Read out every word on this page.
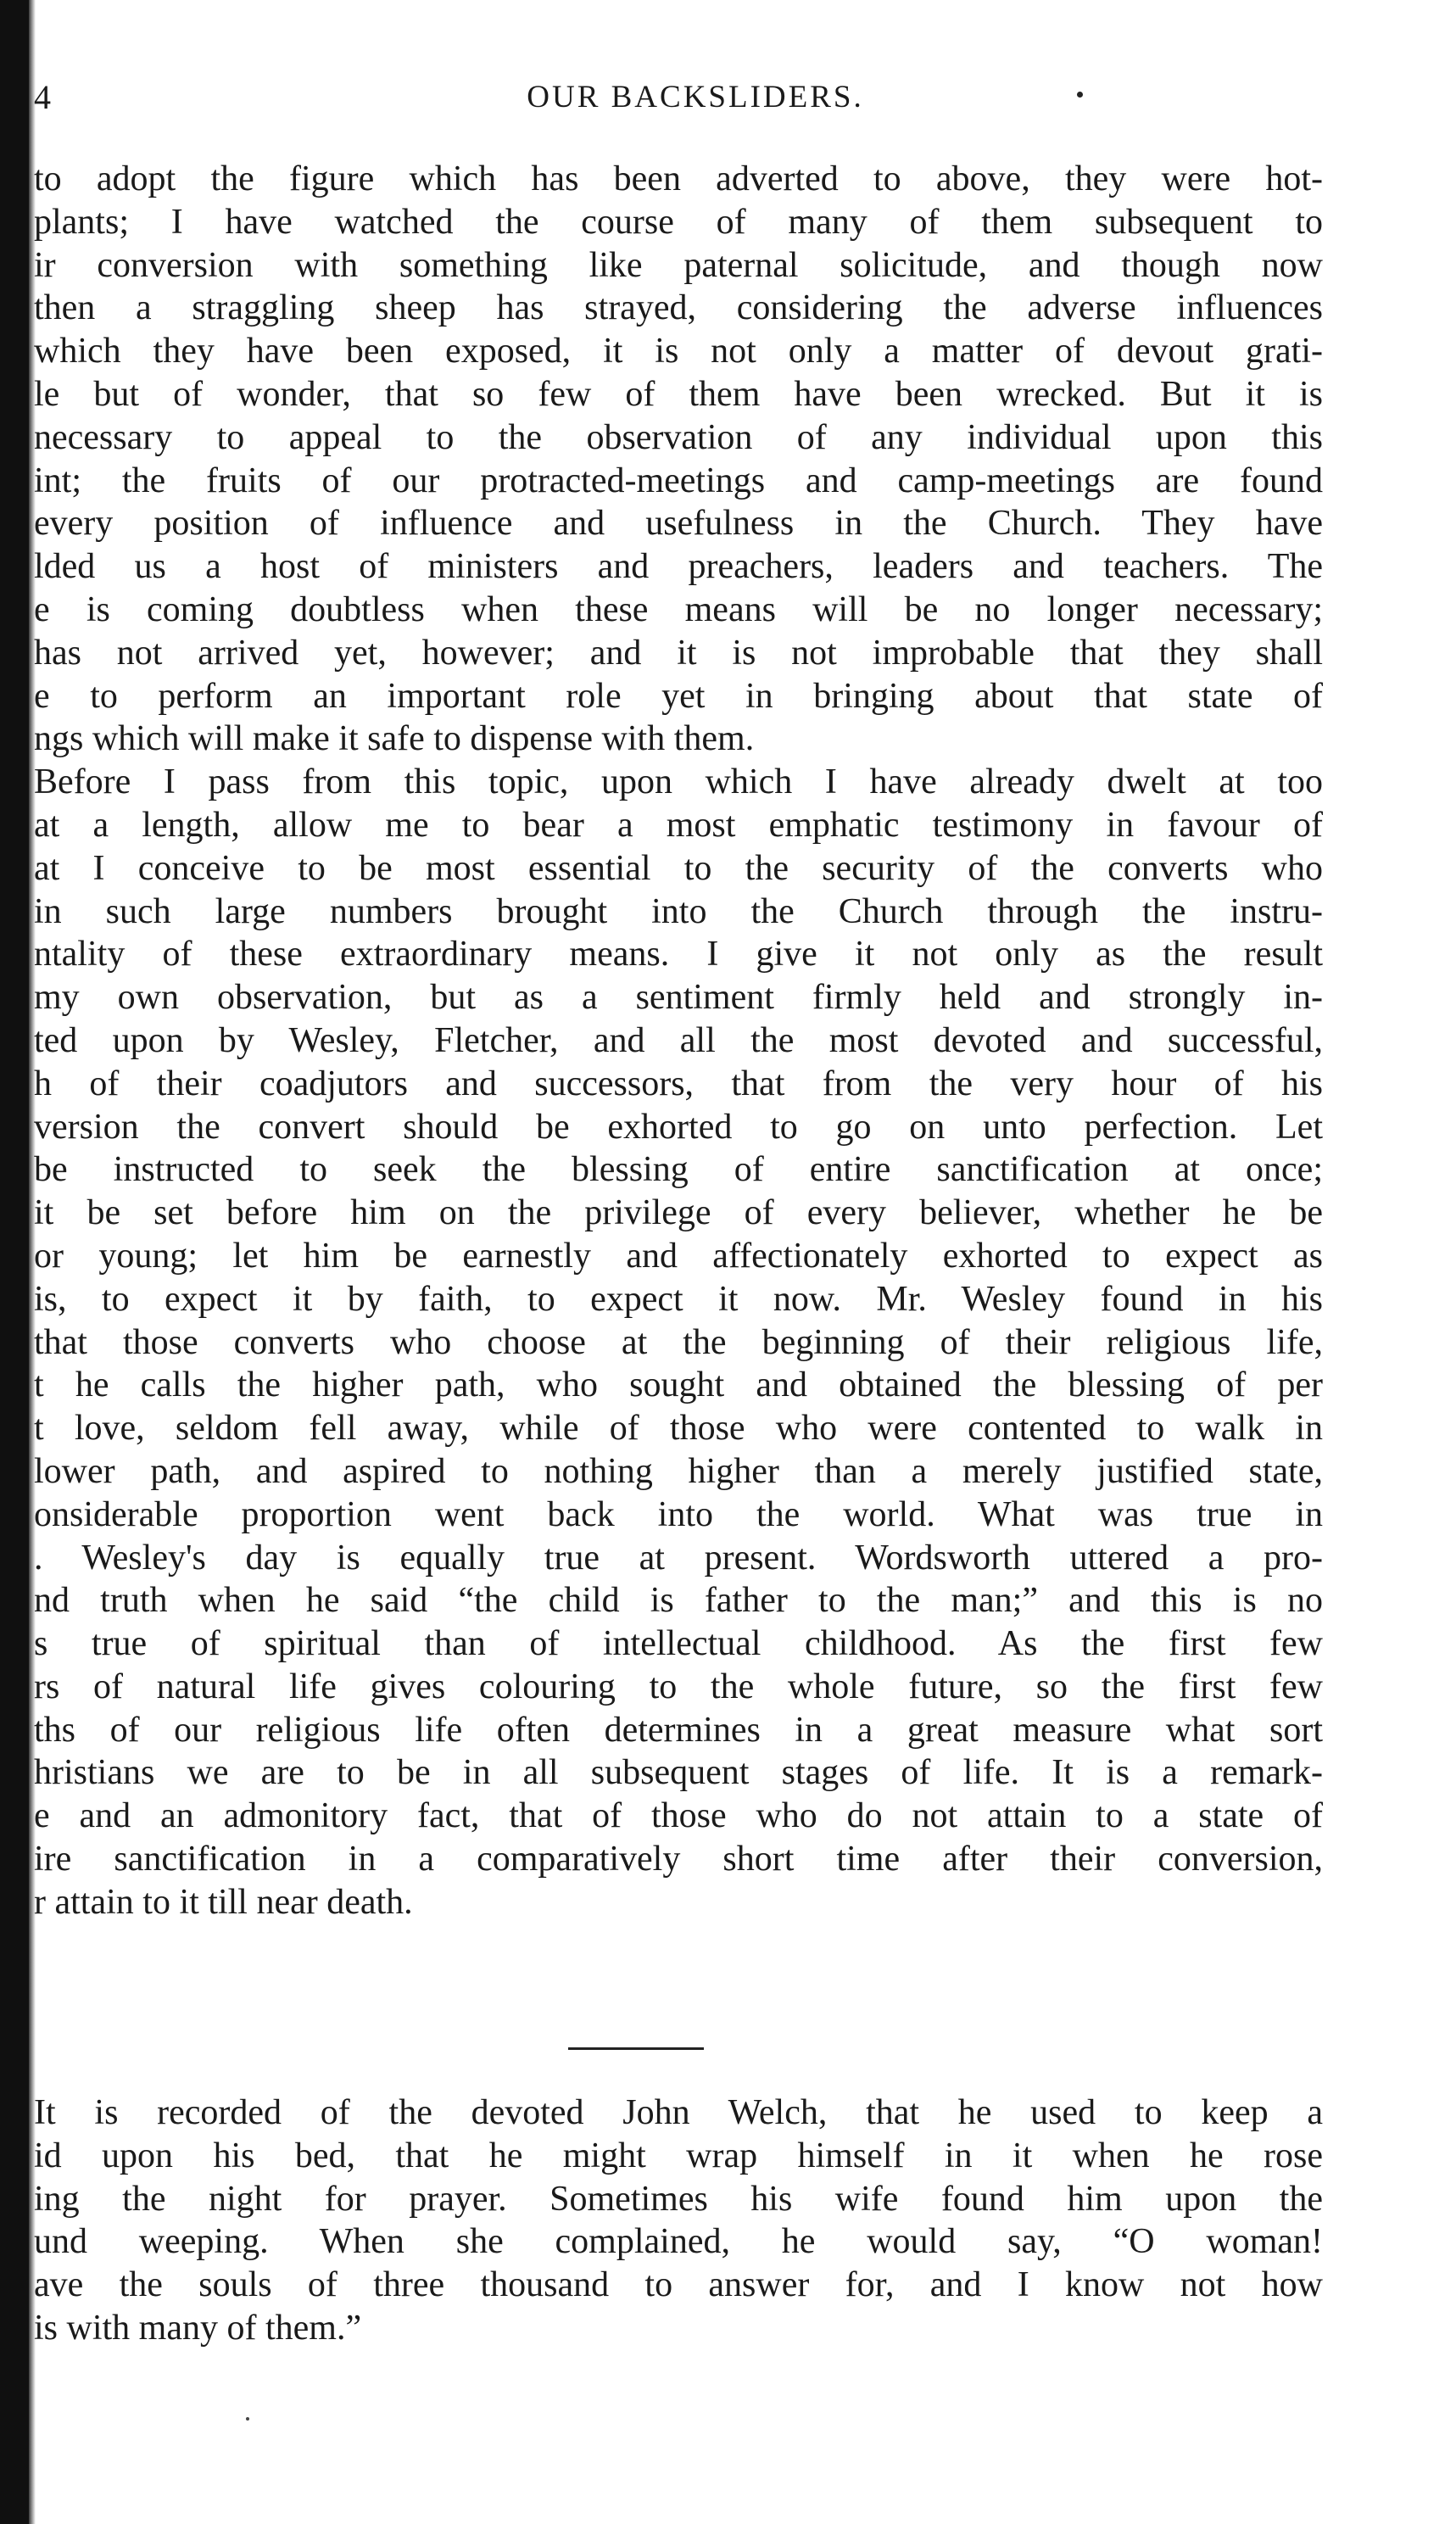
4	OUR BACKSLIDERS.
to adopt the figure which has been adverted to above, they were hot-
plants; I have watched the course of many of them subsequent to
ir conversion with something like paternal solicitude, and though now
then a straggling sheep has strayed, considering the adverse influences
which they have been exposed, it is not only a matter of devout grati-
le but of wonder, that so few of them have been wrecked. But it is
necessary to appeal to the observation of any individual upon this
int; the fruits of our protracted-meetings and camp-meetings are found
every position of influence and usefulness in the Church. They have
lded us a host of ministers and preachers, leaders and teachers. The
e is coming doubtless when these means will be no longer necessary;
has not arrived yet, however; and it is not improbable that they shall
e to perform an important role yet in bringing about that state of
ngs which will make it safe to dispense with them.
Before I pass from this topic, upon which I have already dwelt at too
at a length, allow me to bear a most emphatic testimony in favour of
at I conceive to be most essential to the security of the converts who
in such large numbers brought into the Church through the instru-
ntality of these extraordinary means. I give it not only as the result
my own observation, but as a sentiment firmly held and strongly in-
ted upon by Wesley, Fletcher, and all the most devoted and successful,
h of their coadjutors and successors, that from the very hour of his
version the convert should be exhorted to go on unto perfection. Let
be instructed to seek the blessing of entire sanctification at once;
it be set before him on the privilege of every believer, whether he be
or young; let him be earnestly and affectionately exhorted to expect as
is, to expect it by faith, to expect it now. Mr. Wesley found in his
that those converts who choose at the beginning of their religious life,
t he calls the higher path, who sought and obtained the blessing of per
t love, seldom fell away, while of those who were contented to walk in
lower path, and aspired to nothing higher than a merely justified state,
onsiderable proportion went back into the world. What was true in
. Wesley's day is equally true at present. Wordsworth uttered a pro-
nd truth when he said “the child is father to the man;” and this is no
s true of spiritual than of intellectual childhood. As the first few
rs of natural life gives colouring to the whole future, so the first few
ths of our religious life often determines in a great measure what sort
hristians we are to be in all subsequent stages of life. It is a remark-
e and an admonitory fact, that of those who do not attain to a state of
ire sanctification in a comparatively short time after their conversion,
r attain to it till near death.
It is recorded of the devoted John Welch, that he used to keep a
id upon his bed, that he might wrap himself in it when he rose
ing the night for prayer. Sometimes his wife found him upon the
und weeping. When she complained, he would say, “O woman!
ave the souls of three thousand to answer for, and I know not how
is with many of them.”
